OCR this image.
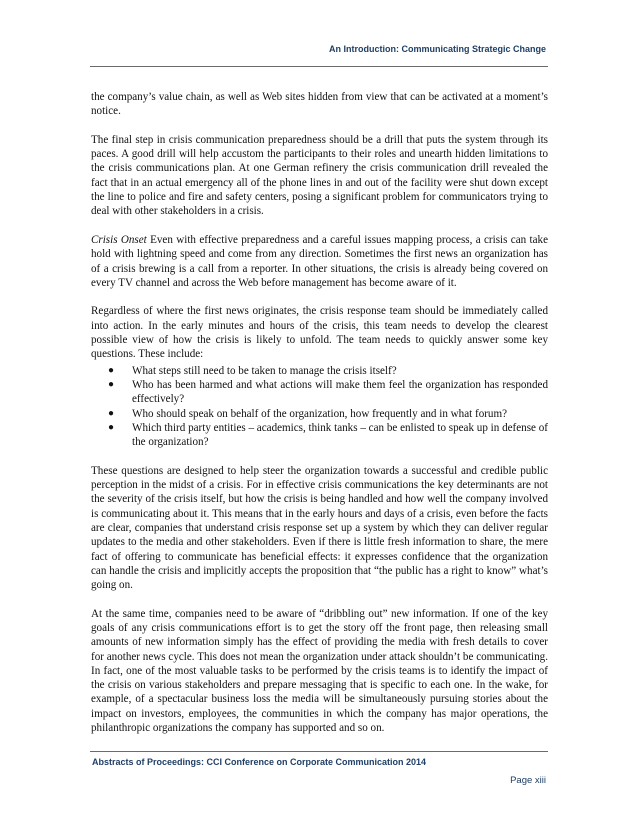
An Introduction: Communicating Strategic Change

the company’s value chain, as well as Web sites hidden from view that can be activated at a moment’s notice.

The final step in crisis communication preparedness should be a drill that puts the system through its paces. A good drill will help accustom the participants to their roles and unearth hidden limitations to the crisis communications plan. At one German refinery the crisis communication drill revealed the fact that in an actual emergency all of the phone lines in and out of the facility were shut down except the line to police and fire and safety centers, posing a significant problem for communicators trying to deal with other stakeholders in a crisis.

Crisis Onset Even with effective preparedness and a careful issues mapping process, a crisis can take hold with lightning speed and come from any direction. Sometimes the first news an organization has of a crisis brewing is a call from a reporter. In other situations, the crisis is already being covered on every TV channel and across the Web before management has become aware of it.

Regardless of where the first news originates, the crisis response team should be immediately called into action. In the early minutes and hours of the crisis, this team needs to develop the clearest possible view of how the crisis is likely to unfold. The team needs to quickly answer some key questions. These include:

● What steps still need to be taken to manage the crisis itself?
● Who has been harmed and what actions will make them feel the organization has responded effectively?
● Who should speak on behalf of the organization, how frequently and in what forum?
● Which third party entities – academics, think tanks – can be enlisted to speak up in defense of the organization?

These questions are designed to help steer the organization towards a successful and credible public perception in the midst of a crisis. For in effective crisis communications the key determinants are not the severity of the crisis itself, but how the crisis is being handled and how well the company involved is communicating about it. This means that in the early hours and days of a crisis, even before the facts are clear, companies that understand crisis response set up a system by which they can deliver regular updates to the media and other stakeholders. Even if there is little fresh information to share, the mere fact of offering to communicate has beneficial effects: it expresses confidence that the organization can handle the crisis and implicitly accepts the proposition that “the public has a right to know” what’s going on.

At the same time, companies need to be aware of “dribbling out” new information. If one of the key goals of any crisis communications effort is to get the story off the front page, then releasing small amounts of new information simply has the effect of providing the media with fresh details to cover for another news cycle. This does not mean the organization under attack shouldn’t be communicating. In fact, one of the most valuable tasks to be performed by the crisis teams is to identify the impact of the crisis on various stakeholders and prepare messaging that is specific to each one. In the wake, for example, of a spectacular business loss the media will be simultaneously pursuing stories about the impact on investors, employees, the communities in which the company has major operations, the philanthropic organizations the company has supported and so on.

Abstracts of Proceedings: CCI Conference on Corporate Communication 2014
Page xiii
